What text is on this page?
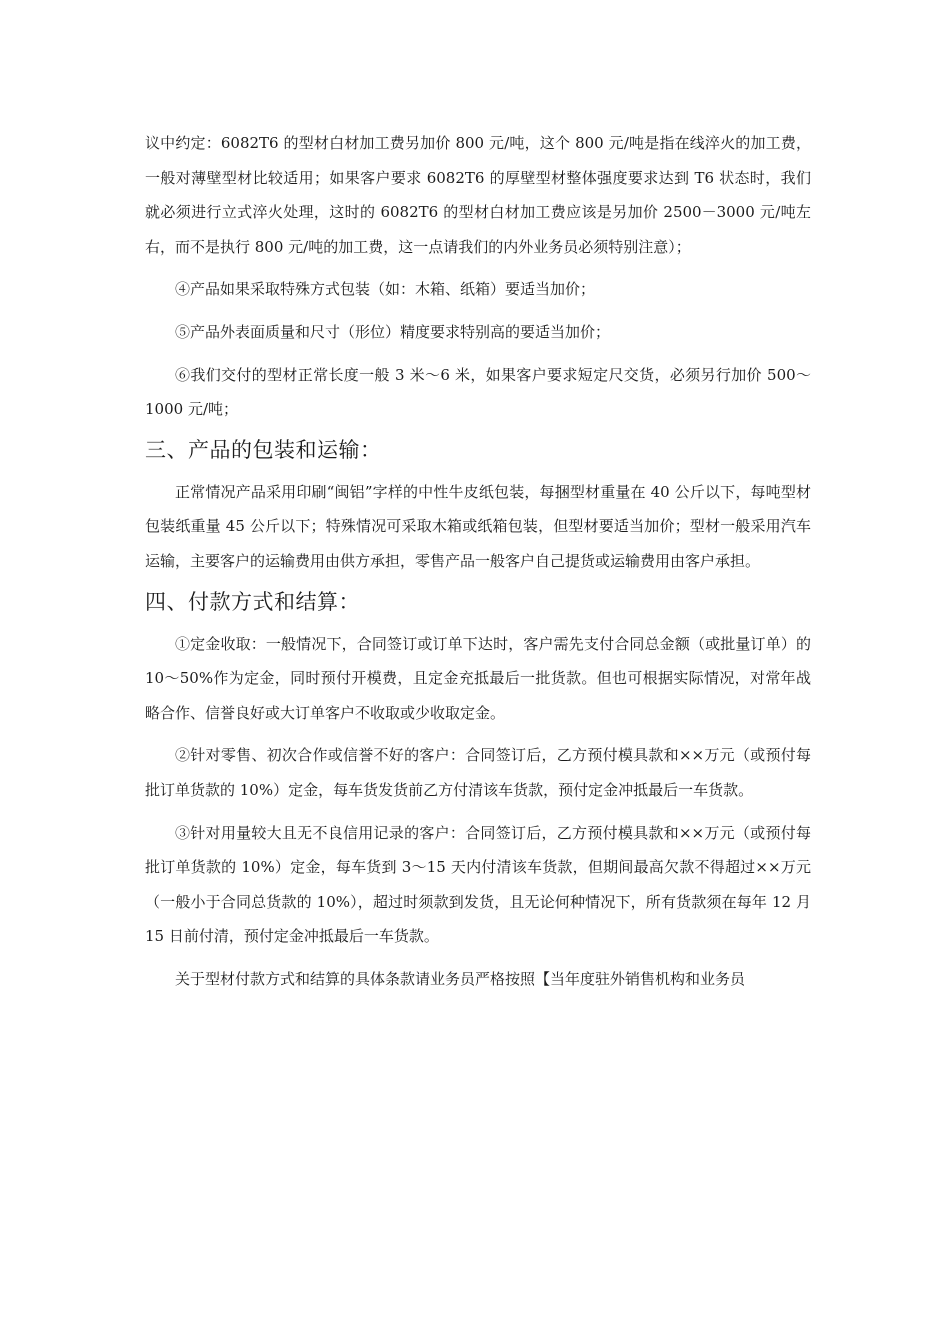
议中约定：6082T6 的型材白材加工费另加价 800 元/吨，这个 800 元/吨是指在线淬火的加工费，一般对薄壁型材比较适用；如果客户要求 6082T6 的厚壁型材整体强度要求达到 T6 状态时，我们就必须进行立式淬火处理，这时的 6082T6 的型材白材加工费应该是另加价 2500－3000 元/吨左右，而不是执行 800 元/吨的加工费，这一点请我们的内外业务员必须特别注意）；

④产品如果采取特殊方式包装（如：木箱、纸箱）要适当加价；

⑤产品外表面质量和尺寸（形位）精度要求特别高的要适当加价；

⑥我们交付的型材正常长度一般 3 米～6 米，如果客户要求短定尺交货，必须另行加价 500～1000 元/吨；

三、产品的包装和运输：

正常情况产品采用印刷“闽铝”字样的中性牛皮纸包装，每捆型材重量在 40 公斤以下，每吨型材包装纸重量 45 公斤以下；特殊情况可采取木箱或纸箱包装，但型材要适当加价；型材一般采用汽车运输，主要客户的运输费用由供方承担，零售产品一般客户自己提货或运输费用由客户承担。

四、付款方式和结算：

①定金收取：一般情况下，合同签订或订单下达时，客户需先支付合同总金额（或批量订单）的 10～50%作为定金，同时预付开模费，且定金充抵最后一批货款。但也可根据实际情况，对常年战略合作、信誉良好或大订单客户不收取或少收取定金。

②针对零售、初次合作或信誉不好的客户：合同签订后，乙方预付模具款和××万元（或预付每批订单货款的 10%）定金，每车货发货前乙方付清该车货款，预付定金冲抵最后一车货款。

③针对用量较大且无不良信用记录的客户：合同签订后，乙方预付模具款和××万元（或预付每批订单货款的 10%）定金，每车货到 3～15 天内付清该车货款，但期间最高欠款不得超过××万元（一般小于合同总货款的 10%），超过时须款到发货，且无论何种情况下，所有货款须在每年 12 月 15 日前付清，预付定金冲抵最后一车货款。

关于型材付款方式和结算的具体条款请业务员严格按照【当年度驻外销售机构和业务员
